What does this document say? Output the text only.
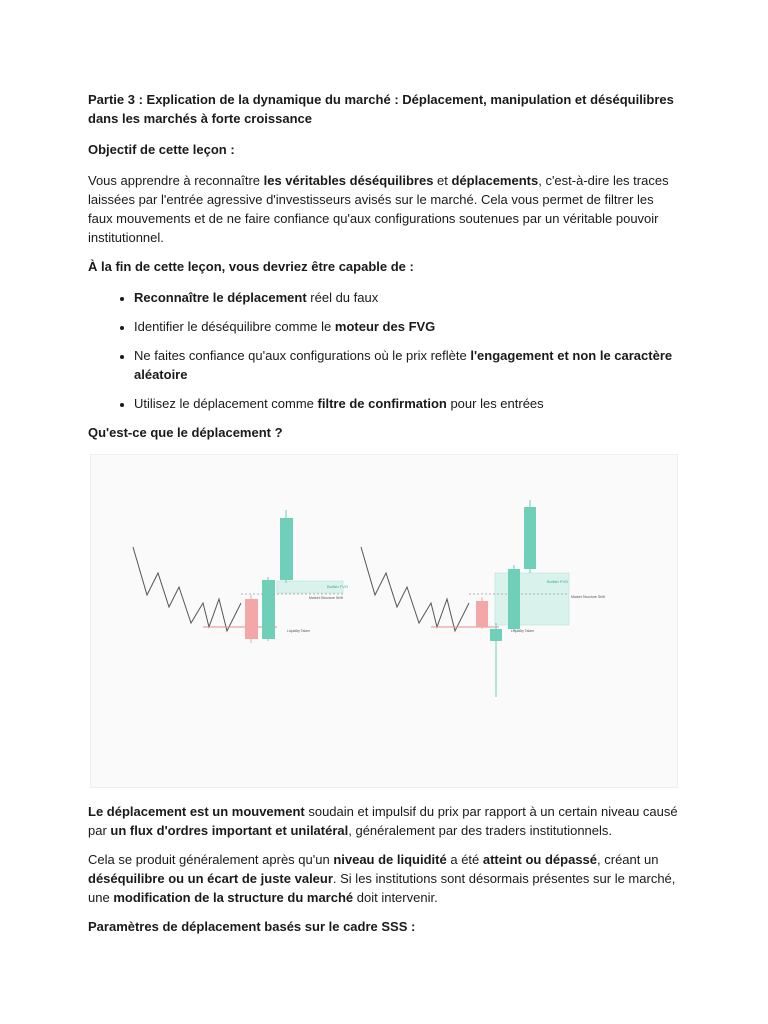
Partie 3 : Explication de la dynamique du marché : Déplacement, manipulation et déséquilibres dans les marchés à forte croissance

Objectif de cette leçon :

Vous apprendre à reconnaître les véritables déséquilibres et déplacements, c'est-à-dire les traces laissées par l'entrée agressive d'investisseurs avisés sur le marché. Cela vous permet de filtrer les faux mouvements et de ne faire confiance qu'aux configurations soutenues par un véritable pouvoir institutionnel.

À la fin de cette leçon, vous devriez être capable de :

• Reconnaître le déplacement réel du faux
• Identifier le déséquilibre comme le moteur des FVG
• Ne faites confiance qu'aux configurations où le prix reflète l'engagement et non le caractère aléatoire
• Utilisez le déplacement comme filtre de confirmation pour les entrées

Qu'est-ce que le déplacement ?

Bullish FVG
Market Structure Shift
Liquidity Taken
Bullish FVG
Market Structure Shift
Liquidity Taken

Le déplacement est un mouvement soudain et impulsif du prix par rapport à un certain niveau causé par un flux d'ordres important et unilatéral, généralement par des traders institutionnels.

Cela se produit généralement après qu'un niveau de liquidité a été atteint ou dépassé, créant un déséquilibre ou un écart de juste valeur. Si les institutions sont désormais présentes sur le marché, une modification de la structure du marché doit intervenir.

Paramètres de déplacement basés sur le cadre SSS :
